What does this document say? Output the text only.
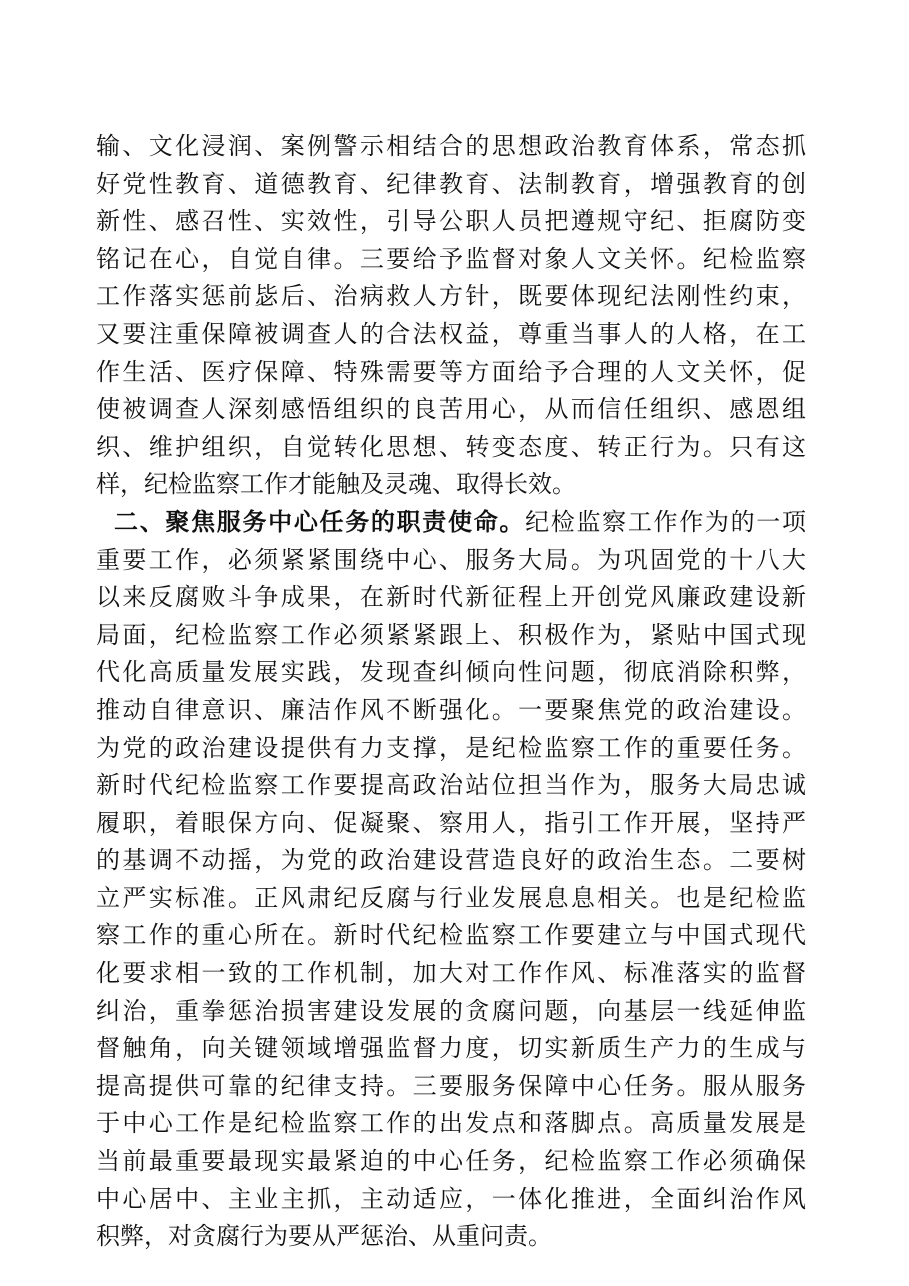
输、文化浸润、案例警示相结合的思想政治教育体系，常态抓
好党性教育、道德教育、纪律教育、法制教育，增强教育的创
新性、感召性、实效性，引导公职人员把遵规守纪、拒腐防变
铭记在心，自觉自律。三要给予监督对象人文关怀。纪检监察
工作落实惩前毖后、治病救人方针，既要体现纪法刚性约束，
又要注重保障被调查人的合法权益，尊重当事人的人格，在工
作生活、医疗保障、特殊需要等方面给予合理的人文关怀，促
使被调查人深刻感悟组织的良苦用心，从而信任组织、感恩组
织、维护组织，自觉转化思想、转变态度、转正行为。只有这
样，纪检监察工作才能触及灵魂、取得长效。
二、聚焦服务中心任务的职责使命。纪检监察工作作为的一项
重要工作，必须紧紧围绕中心、服务大局。为巩固党的十八大
以来反腐败斗争成果，在新时代新征程上开创党风廉政建设新
局面，纪检监察工作必须紧紧跟上、积极作为，紧贴中国式现
代化高质量发展实践，发现查纠倾向性问题，彻底消除积弊，
推动自律意识、廉洁作风不断强化。一要聚焦党的政治建设。
为党的政治建设提供有力支撑，是纪检监察工作的重要任务。
新时代纪检监察工作要提高政治站位担当作为，服务大局忠诚
履职，着眼保方向、促凝聚、察用人，指引工作开展，坚持严
的基调不动摇，为党的政治建设营造良好的政治生态。二要树
立严实标准。正风肃纪反腐与行业发展息息相关。也是纪检监
察工作的重心所在。新时代纪检监察工作要建立与中国式现代
化要求相一致的工作机制，加大对工作作风、标准落实的监督
纠治，重拳惩治损害建设发展的贪腐问题，向基层一线延伸监
督触角，向关键领域增强监督力度，切实新质生产力的生成与
提高提供可靠的纪律支持。三要服务保障中心任务。服从服务
于中心工作是纪检监察工作的出发点和落脚点。高质量发展是
当前最重要最现实最紧迫的中心任务，纪检监察工作必须确保
中心居中、主业主抓，主动适应，一体化推进，全面纠治作风
积弊，对贪腐行为要从严惩治、从重问责。
